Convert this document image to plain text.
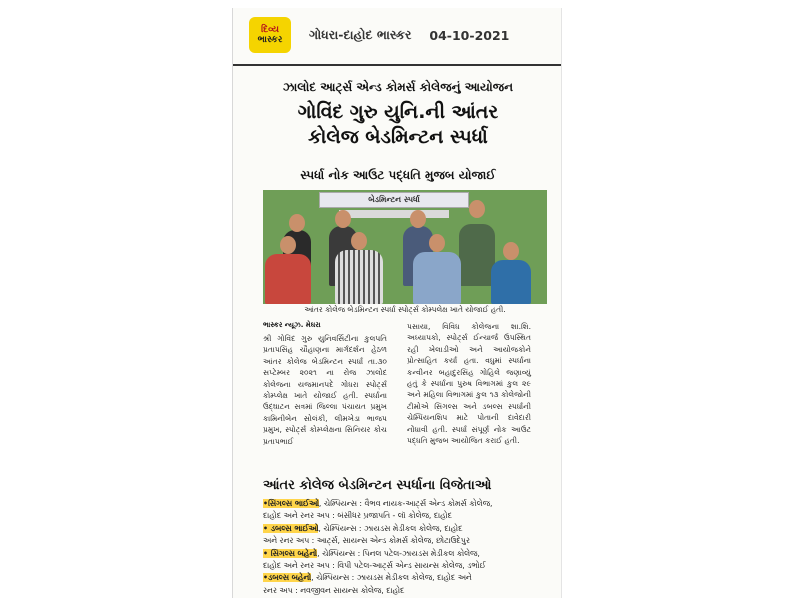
દિવ્ય
ભાસ્કર ગોધરા-દાહોદ ભાસ્કર 04-10-2021
ઝાલોદ આર્ટ્સ એન્ડ કોમર્સ કોલેજનું આયોજન
ગોવિંદ ગુરુ યુનિ.ની આંતર
કોલેજ બેડમિન્ટન સ્પર્ધા
સ્પર્ધા નોક આઉટ પદ્ધતિ મુજબ યોજાઈ
બેડમિન્ટન સ્પર્ધા
આંતર કોલેજ બેડમિન્ટન સ્પર્ધા સ્પોર્ટ્સ કોમ્પલેક્ષ ખાતે યોજાઈ હતી.
ભાસ્કર ન્યૂઝ. મેઘરા
શ્રી ગોવિંદ ગુરુ યુનિવર્સિટીના કુલપતિ પ્રતાપસિંહ ચૌહાણના માર્ગદર્શન હેઠળ આંતર કોલેજ બેડમિન્ટન સ્પર્ધા તા.૩૦ સપ્ટેમ્બર ૨૦૨૧ ના રોજ ઝાલોદ કોલેજના યજમાનપદે ગોધરા સ્પોર્ટ્સ કોમ્પ્લેક્ષ ખાતે યોજાઈ હતી. સ્પર્ધાના ઉદ્ઘાટન સત્રમાં જિલ્લા પંચાયત પ્રમુખ કામિનીબેન સોલંકી, લીમખેડા ભાજપ પ્રમુખ, સ્પોર્ટ્સ કોમ્પ્લેક્ષના સિનિયર કોચ પ્રતાપભાઈ
પસાયા, વિવિધ કોલેજના શા.શિ. અધ્યાપકો, સ્પોર્ટ્સ ઈન્ચાર્જ ઉપસ્થિત રહી ખેલાડીઓ અને આયોજકોને પ્રોત્સાહિત કર્યા હતા. વધુમાં સ્પર્ધાના કન્વીનર બહાદુરસિંહ ગોહિલે જણાવ્યું હતું કે સ્પર્ધાના પુરુષ વિભાગમાં કુલ ૨૯ અને મહિલા વિભાગમાં કુલ ૧૩ કોલેજોની ટીમોએ સિંગલ્સ અને ડબલ્સ સ્પર્ધાની ચેમ્પિયનશિપ માટે પોતાની દાવેદારી નોંધાવી હતી. સ્પર્ધા સંપૂર્ણ નોક આઉટ પદ્ધતિ મુજબ આયોજિત કરાઈ હતી.
આંતર કોલેજ બેડમિન્ટન સ્પર્ધાના વિજેતાઓ
•સિંગલ્સ ભાઈઓ, ચેમ્પિયન્સ : વૈભવ નાયક-આર્ટ્સ એન્ડ કોમર્સ કોલેજ,
દાહોદ અને રનર અપ : બંસીધર પ્રજાપતિ - લૉ કોલેજ, દાહોદ
• ડબલ્સ ભાઈઓ, ચેમ્પિયન્સ : ઝાયડસ મેડીકલ કોલેજ, દાહોદ
અને રનર અપ : આર્ટ્સ, સાયન્સ એન્ડ કોમર્સ કોલેજ, છોટાઉદેપુર
• સિંગલ્સ બહેનો, ચેમ્પિયન્સ : પિનલ પટેલ-ઝાયડસ મેડીકલ કોલેજ,
દાહોદ અને રનર અપ : વિપી પટેલ-આર્ટ્સ એન્ડ સાયન્સ કોલેજ, ડભોઈ
•ડબલ્સ બહેનો, ચેમ્પિયન્સ : ઝાયડસ મેડીકલ કોલેજ, દાહોદ અને
રનર અપ : નવજીવન સાયન્સ કોલેજ, દાહોદ
